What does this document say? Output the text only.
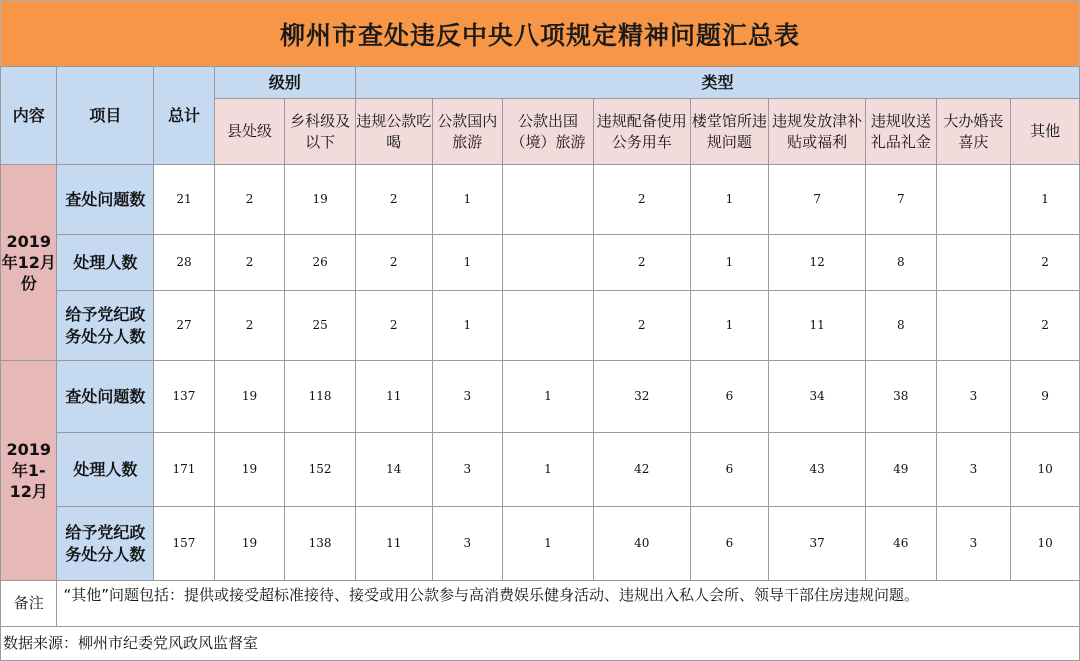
柳州市查处违反中央八项规定精神问题汇总表
内容	项目	总计	级别		类型								
			县处级	乡科级及以下	违规公款吃喝	公款国内旅游	公款出国（境）旅游	违规配备使用公务用车	楼堂馆所违规问题	违规发放津补贴或福利	违规收送礼品礼金	大办婚丧喜庆	其他
2019年12月份	查处问题数	21	2	19	2	1		2	1	7	7		1
	处理人数	28	2	26	2	1		2	1	12	8		2
	给予党纪政务处分人数	27	2	25	2	1		2	1	11	8		2
2019年1-12月	查处问题数	137	19	118	11	3	1	32	6	34	38	3	9
	处理人数	171	19	152	14	3	1	42	6	43	49	3	10
	给予党纪政务处分人数	157	19	138	11	3	1	40	6	37	46	3	10
备注	“其他”问题包括：提供或接受超标准接待、接受或用公款参与高消费娱乐健身活动、违规出入私人会所、领导干部住房违规问题。												
数据来源：柳州市纪委党风政风监督室													
